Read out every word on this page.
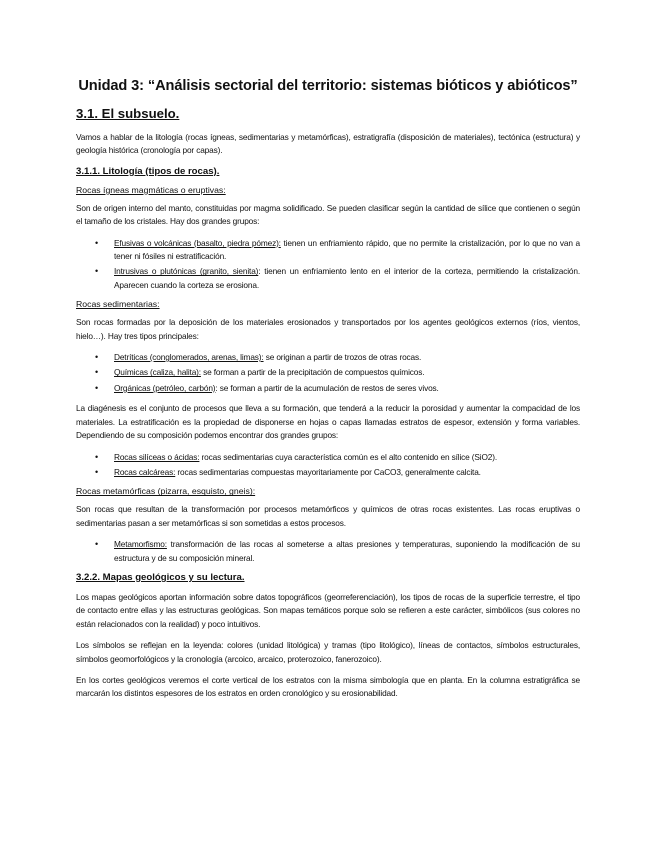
Unidad 3: “Análisis sectorial del territorio: sistemas bióticos y abióticos”
3.1. El subsuelo.

Vamos a hablar de la litología (rocas ígneas, sedimentarias y metamórficas), estratigrafía (disposición de materiales), tectónica (estructura) y geología histórica (cronología por capas).

3.1.1. Litología (tipos de rocas).
Rocas ígneas magmáticas o eruptivas:

Son de origen interno del manto, constituidas por magma solidificado. Se pueden clasificar según la cantidad de sílice que contienen o según el tamaño de los cristales. Hay dos grandes grupos:

• Efusivas o volcánicas (basalto, piedra pómez): tienen un enfriamiento rápido, que no permite la cristalización, por lo que no van a tener ni fósiles ni estratificación.
• Intrusivas o plutónicas (granito, sienita): tienen un enfriamiento lento en el interior de la corteza, permitiendo la cristalización. Aparecen cuando la corteza se erosiona.
Rocas sedimentarias:

Son rocas formadas por la deposición de los materiales erosionados y transportados por los agentes geológicos externos (ríos, vientos, hielo…). Hay tres tipos principales:

• Detríticas (conglomerados, arenas, limas): se originan a partir de trozos de otras rocas.
• Químicas (caliza, halita): se forman a partir de la precipitación de compuestos químicos.
• Orgánicas (petróleo, carbón): se forman a partir de la acumulación de restos de seres vivos.

La diagénesis es el conjunto de procesos que lleva a su formación, que tenderá a la reducir la porosidad y aumentar la compacidad de los materiales. La estratificación es la propiedad de disponerse en hojas o capas llamadas estratos de espesor, extensión y forma variables. Dependiendo de su composición podemos encontrar dos grandes grupos:

• Rocas silíceas o ácidas: rocas sedimentarias cuya característica común es el alto contenido en sílice (SiO2).
• Rocas calcáreas: rocas sedimentarias compuestas mayoritariamente por CaCO3, generalmente calcita.
Rocas metamórficas (pizarra, esquisto, gneis):

Son rocas que resultan de la transformación por procesos metamórficos y químicos de otras rocas existentes. Las rocas eruptivas o sedimentarias pasan a ser metamórficas si son sometidas a estos procesos.

• Metamorfismo: transformación de las rocas al someterse a altas presiones y temperaturas, suponiendo la modificación de su estructura y de su composición mineral.
3.2.2. Mapas geológicos y su lectura.

Los mapas geológicos aportan información sobre datos topográficos (georreferenciación), los tipos de rocas de la superficie terrestre, el tipo de contacto entre ellas y las estructuras geológicas. Son mapas temáticos porque solo se refieren a este carácter, simbólicos (sus colores no están relacionados con la realidad) y poco intuitivos.

Los símbolos se reflejan en la leyenda: colores (unidad litológica) y tramas (tipo litológico), líneas de contactos, símbolos estructurales, símbolos geomorfológicos y la cronología (arcoico, arcaico, proterozoico, fanerozoico).

En los cortes geológicos veremos el corte vertical de los estratos con la misma simbología que en planta. En la columna estratigráfica se marcarán los distintos espesores de los estratos en orden cronológico y su erosionabilidad.
